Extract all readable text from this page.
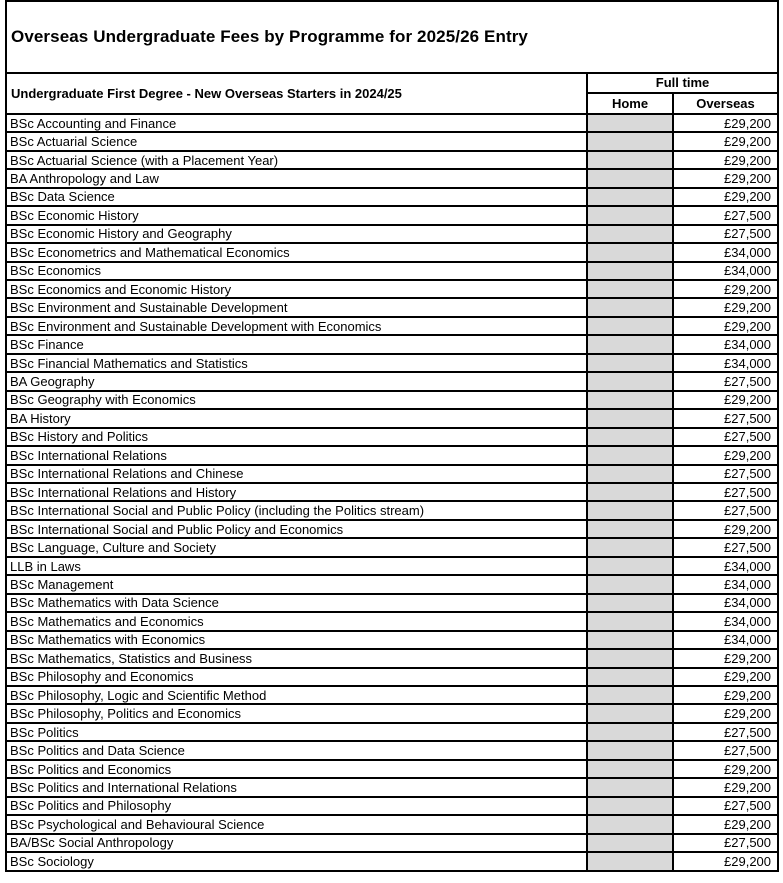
Overseas Undergraduate Fees by Programme for 2025/26 Entry		
Undergraduate First Degree - New Overseas Starters in 2024/25	Full time	
	Home	Overseas
BSc Accounting and Finance		£29,200
BSc Actuarial Science		£29,200
BSc Actuarial Science (with a Placement Year)		£29,200
BA Anthropology and Law		£29,200
BSc Data Science		£29,200
BSc Economic History		£27,500
BSc Economic History and Geography		£27,500
BSc Econometrics and Mathematical Economics		£34,000
BSc Economics		£34,000
BSc Economics and Economic History		£29,200
BSc Environment and Sustainable Development		£29,200
BSc Environment and Sustainable Development with Economics		£29,200
BSc Finance		£34,000
BSc Financial Mathematics and Statistics		£34,000
BA Geography		£27,500
BSc Geography with Economics		£29,200
BA History		£27,500
BSc History and Politics		£27,500
BSc International Relations		£29,200
BSc International Relations and Chinese		£27,500
BSc International Relations and History		£27,500
BSc International Social and Public Policy (including the Politics stream)		£27,500
BSc International Social and Public Policy and Economics		£29,200
BSc Language, Culture and Society		£27,500
LLB in Laws		£34,000
BSc Management		£34,000
BSc Mathematics with Data Science		£34,000
BSc Mathematics and Economics		£34,000
BSc Mathematics with Economics		£34,000
BSc Mathematics, Statistics and Business		£29,200
BSc Philosophy and Economics		£29,200
BSc Philosophy, Logic and Scientific Method		£29,200
BSc Philosophy, Politics and Economics		£29,200
BSc Politics		£27,500
BSc Politics and Data Science		£27,500
BSc Politics and Economics		£29,200
BSc Politics and International Relations		£29,200
BSc Politics and Philosophy		£27,500
BSc Psychological and Behavioural Science		£29,200
BA/BSc Social Anthropology		£27,500
BSc Sociology		£29,200
